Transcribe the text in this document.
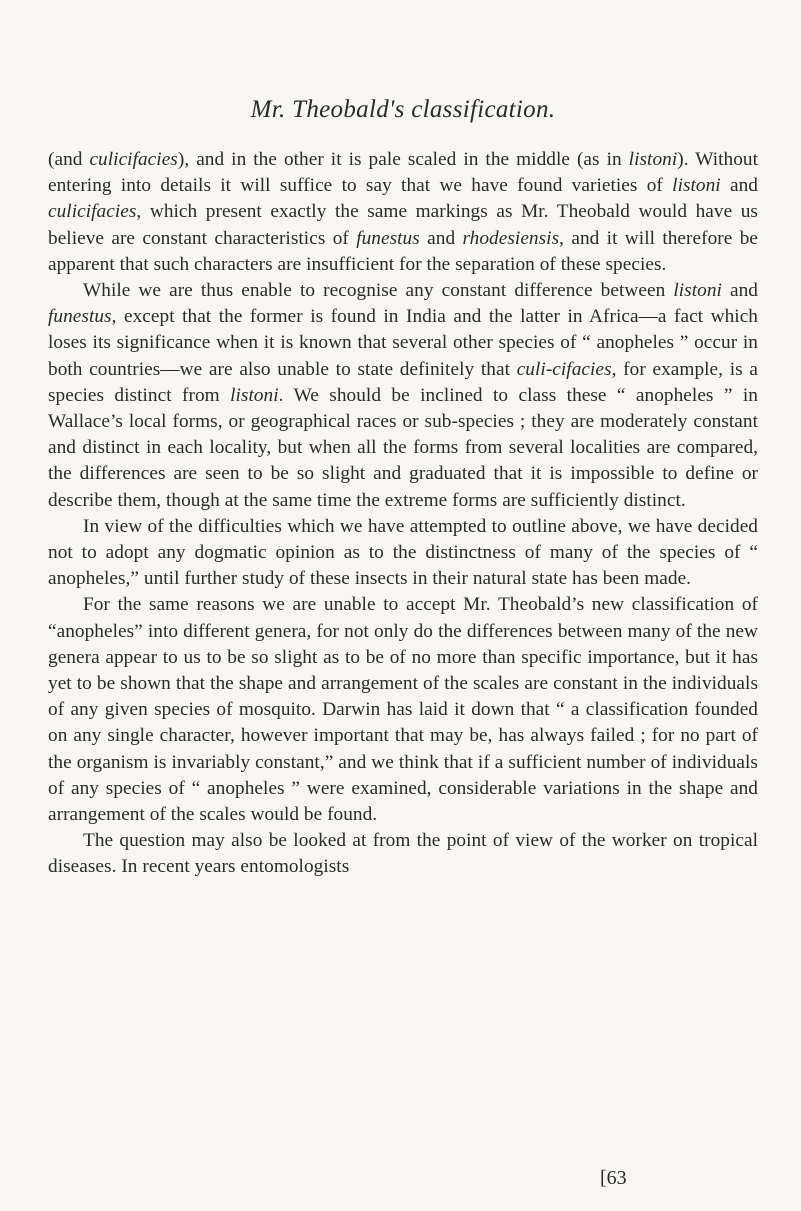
Mr. Theobald's classification.

(and culicifacies), and in the other it is pale scaled in the middle (as in listoni). Without entering into details it will suffice to say that we have found varieties of listoni and culicifacies, which present exactly the same markings as Mr. Theobald would have us believe are constant characteristics of funestus and rhodesiensis, and it will therefore be apparent that such characters are insufficient for the separation of these species.

While we are thus enable to recognise any constant difference between listoni and funestus, except that the former is found in India and the latter in Africa—a fact which loses its significance when it is known that several other species of “ anopheles ” occur in both countries—we are also unable to state definitely that culi-cifacies, for example, is a species distinct from listoni. We should be inclined to class these “ anopheles ” in Wallace’s local forms, or geographical races or sub-species ; they are moderately constant and distinct in each locality, but when all the forms from several localities are compared, the differences are seen to be so slight and graduated that it is impossible to define or describe them, though at the same time the extreme forms are sufficiently distinct.

In view of the difficulties which we have attempted to outline above, we have decided not to adopt any dogmatic opinion as to the distinctness of many of the species of “ anopheles,” until further study of these insects in their natural state has been made.

For the same reasons we are unable to accept Mr. Theobald’s new classification of “anopheles” into different genera, for not only do the differences between many of the new genera appear to us to be so slight as to be of no more than specific importance, but it has yet to be shown that the shape and arrangement of the scales are constant in the individuals of any given species of mosquito. Darwin has laid it down that “ a classification founded on any single character, however important that may be, has always failed ; for no part of the organism is invariably constant,” and we think that if a sufficient number of individuals of any species of “ anopheles ” were examined, considerable variations in the shape and arrangement of the scales would be found.

The question may also be looked at from the point of view of the worker on tropical diseases. In recent years entomologists

[63
